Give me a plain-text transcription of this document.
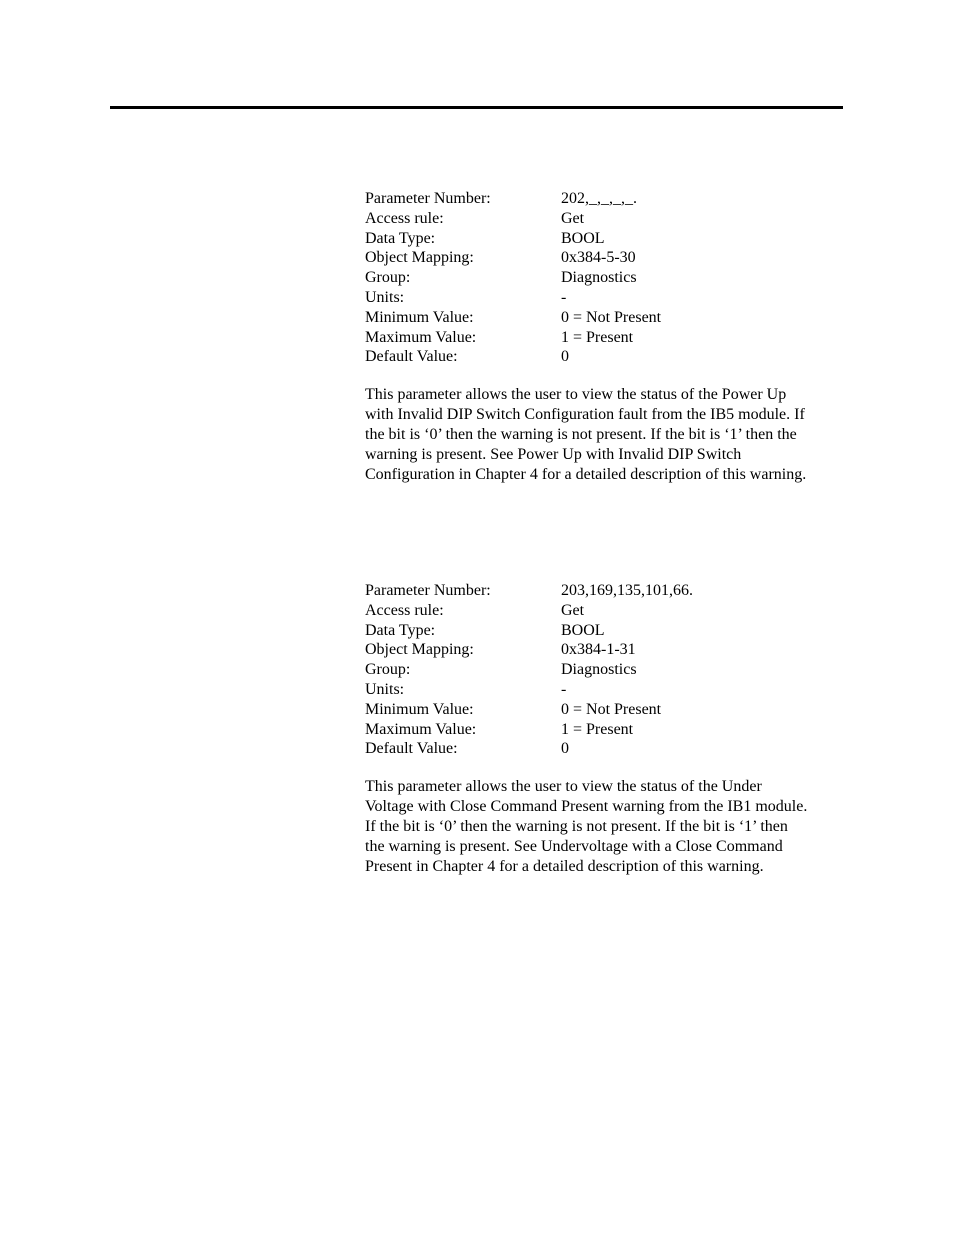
Parameter Number:	202,_,_,_,_.
Access rule:	Get
Data Type:	BOOL
Object Mapping:	0x384-5-30
Group:	Diagnostics
Units:	-
Minimum Value:	0 = Not Present
Maximum Value:	1 = Present
Default Value:	0
This parameter allows the user to view the status of the Power Up
with Invalid DIP Switch Configuration fault from the IB5 module. If
the bit is ‘0’ then the warning is not present. If the bit is ‘1’ then the
warning is present. See Power Up with Invalid DIP Switch
Configuration in Chapter 4 for a detailed description of this warning.
Parameter Number:	203,169,135,101,66.
Access rule:	Get
Data Type:	BOOL
Object Mapping:	0x384-1-31
Group:	Diagnostics
Units:	-
Minimum Value:	0 = Not Present
Maximum Value:	1 = Present
Default Value:	0
This parameter allows the user to view the status of the Under
Voltage with Close Command Present warning from the IB1 module.
If the bit is ‘0’ then the warning is not present. If the bit is ‘1’ then
the warning is present. See Undervoltage with a Close Command
Present in Chapter 4 for a detailed description of this warning.
